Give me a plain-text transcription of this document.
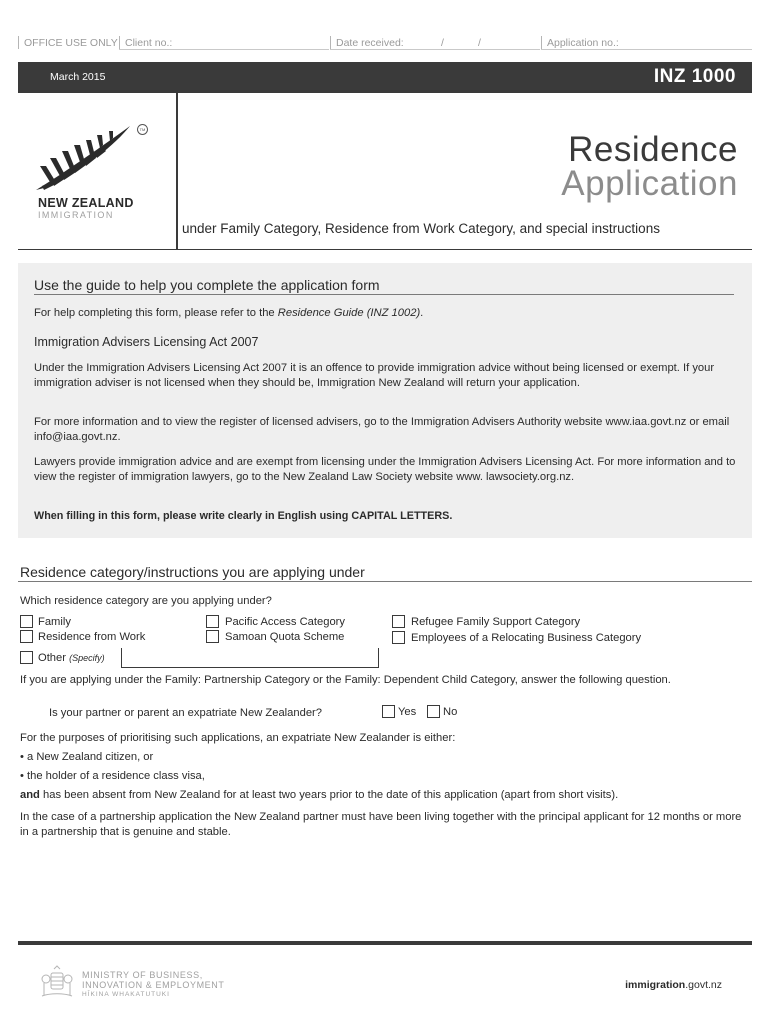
OFFICE USE ONLY Client no.:	Date received:	/	/	Application no.:
March 2015	INZ 1000
TM
NEW ZEALAND
IMMIGRATION
Residence
Application
under Family Category, Residence from Work Category, and special instructions
Use the guide to help you complete the application form
For help completing this form, please refer to the Residence Guide (INZ 1002).
Immigration Advisers Licensing Act 2007
Under the Immigration Advisers Licensing Act 2007 it is an offence to provide immigration advice without being licensed or exempt. If your immigration adviser is not licensed when they should be, Immigration New Zealand will return your application.
For more information and to view the register of licensed advisers, go to the Immigration Advisers Authority website www.iaa.govt.nz or email info@iaa.govt.nz.
Lawyers provide immigration advice and are exempt from licensing under the Immigration Advisers Licensing Act. For more information and to view the register of immigration lawyers, go to the New Zealand Law Society website www. lawsociety.org.nz.
When filling in this form, please write clearly in English using CAPITAL LETTERS.
Residence category/instructions you are applying under
Which residence category are you applying under?
Family
Residence from Work
Pacific Access Category
Samoan Quota Scheme
Refugee Family Support Category
Employees of a Relocating Business Category
Other (Specify)
If you are applying under the Family: Partnership Category or the Family: Dependent Child Category, answer the following question.
Is your partner or parent an expatriate New Zealander?	Yes No
For the purposes of prioritising such applications, an expatriate New Zealander is either:
• a New Zealand citizen, or
• the holder of a residence class visa,
and has been absent from New Zealand for at least two years prior to the date of this application (apart from short visits).
In the case of a partnership application the New Zealand partner must have been living together with the principal applicant for 12 months or more in a partnership that is genuine and stable.
MINISTRY OF BUSINESS,
INNOVATION & EMPLOYMENT
HĪKINA WHAKATUTUKI
immigration.govt.nz
